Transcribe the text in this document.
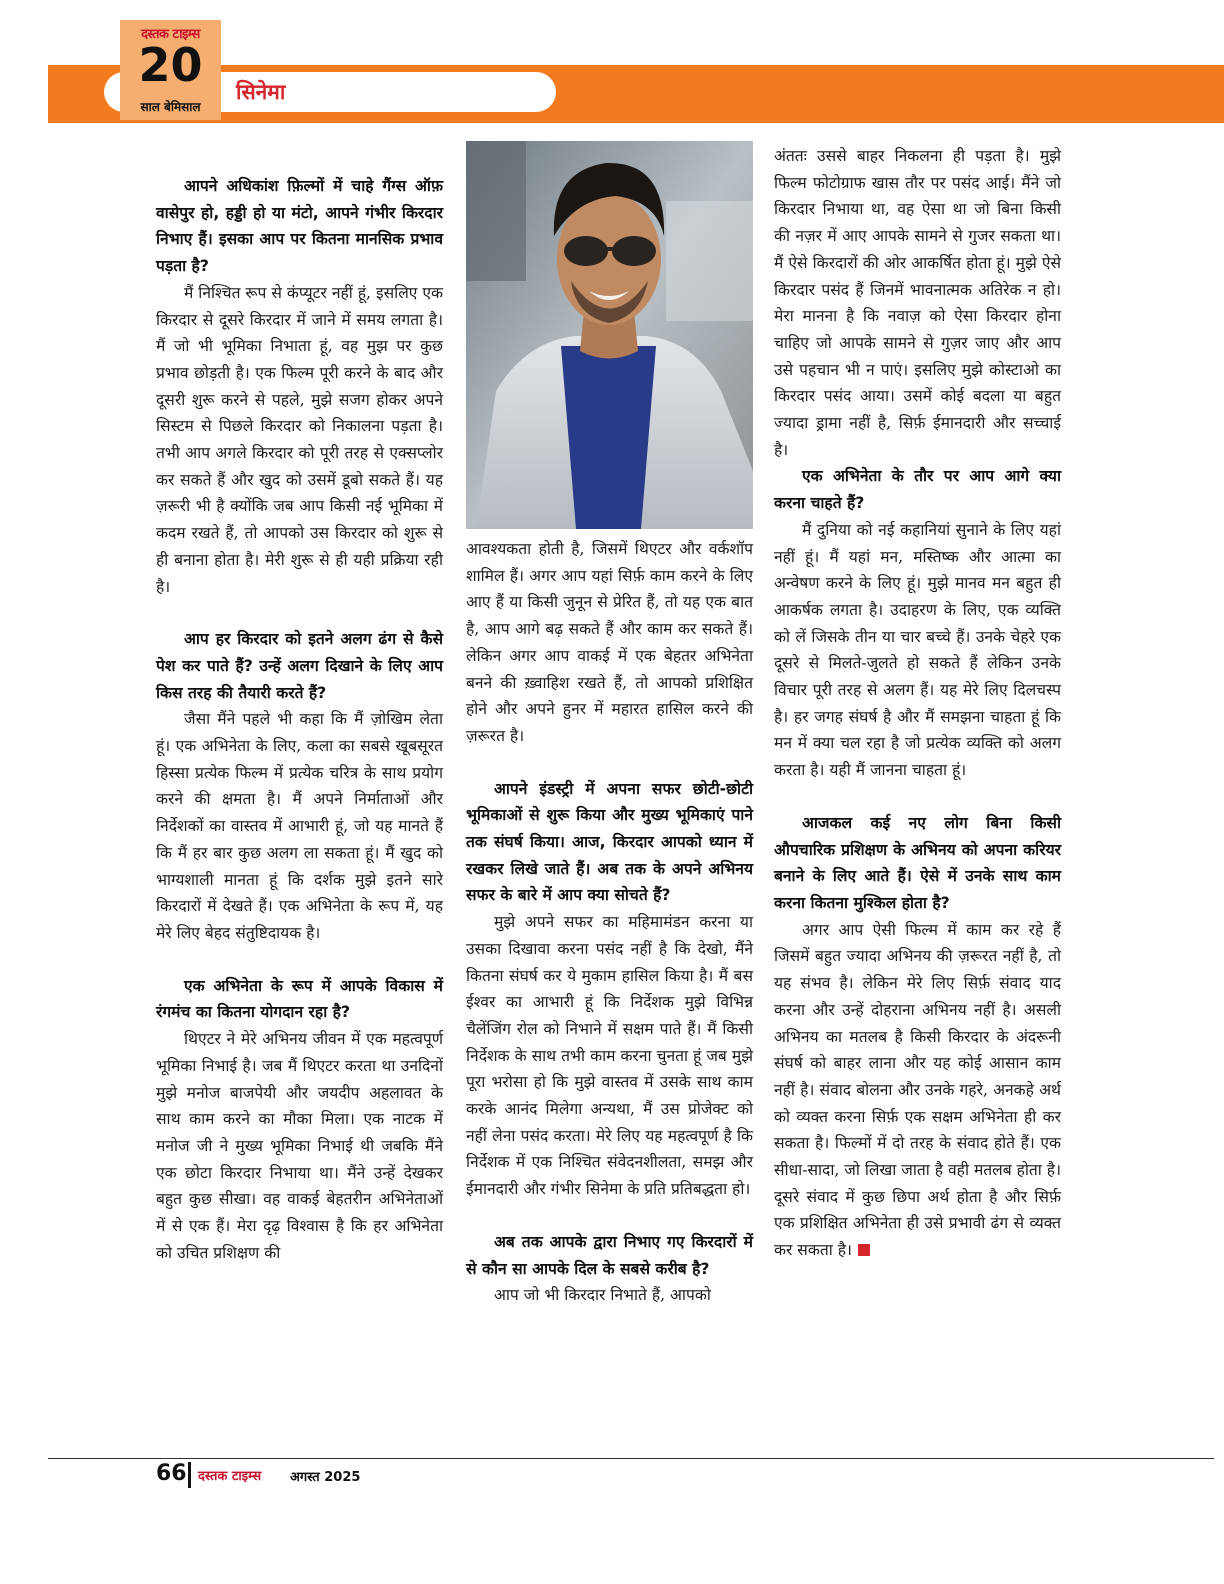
सिनेमा
दस्तक टाइम्स
20
साल बेमिसाल
आपने अधिकांश फ़िल्मों में चाहे गैंग्स ऑफ़ वासेपुर हो, हड्डी हो या मंटो, आपने गंभीर किरदार निभाए हैं। इसका आप पर कितना मानसिक प्रभाव पड़ता है?

मैं निश्चित रूप से कंप्यूटर नहीं हूं, इसलिए एक किरदार से दूसरे किरदार में जाने में समय लगता है। मैं जो भी भूमिका निभाता हूं, वह मुझ पर कुछ प्रभाव छोड़ती है। एक फिल्म पूरी करने के बाद और दूसरी शुरू करने से पहले, मुझे सजग होकर अपने सिस्टम से पिछले किरदार को निकालना पड़ता है। तभी आप अगले किरदार को पूरी तरह से एक्सप्लोर कर सकते हैं और खुद को उसमें डूबो सकते हैं। यह ज़रूरी भी है क्योंकि जब आप किसी नई भूमिका में कदम रखते हैं, तो आपको उस किरदार को शुरू से ही बनाना होता है। मेरी शुरू से ही यही प्रक्रिया रही है।

आप हर किरदार को इतने अलग ढंग से कैसे पेश कर पाते हैं? उन्हें अलग दिखाने के लिए आप किस तरह की तैयारी करते हैं?

जैसा मैंने पहले भी कहा कि मैं ज़ोखिम लेता हूं। एक अभिनेता के लिए, कला का सबसे खूबसूरत हिस्सा प्रत्येक फिल्म में प्रत्येक चरित्र के साथ प्रयोग करने की क्षमता है। मैं अपने निर्माताओं और निर्देशकों का वास्तव में आभारी हूं, जो यह मानते हैं कि मैं हर बार कुछ अलग ला सकता हूं। मैं खुद को भाग्यशाली मानता हूं कि दर्शक मुझे इतने सारे किरदारों में देखते हैं। एक अभिनेता के रूप में, यह मेरे लिए बेहद संतुष्टिदायक है।

एक अभिनेता के रूप में आपके विकास में रंगमंच का कितना योगदान रहा है?

थिएटर ने मेरे अभिनय जीवन में एक महत्वपूर्ण भूमिका निभाई है। जब मैं थिएटर करता था उनदिनों मुझे मनोज बाजपेयी और जयदीप अहलावत के साथ काम करने का मौका मिला। एक नाटक में मनोज जी ने मुख्य भूमिका निभाई थी जबकि मैंने एक छोटा किरदार निभाया था। मैंने उन्हें देखकर बहुत कुछ सीखा। वह वाकई बेहतरीन अभिनेताओं में से एक हैं। मेरा दृढ़ विश्वास है कि हर अभिनेता को उचित प्रशिक्षण की

आवश्यकता होती है, जिसमें थिएटर और वर्कशॉप शामिल हैं। अगर आप यहां सिर्फ़ काम करने के लिए आए हैं या किसी जुनून से प्रेरित हैं, तो यह एक बात है, आप आगे बढ़ सकते हैं और काम कर सकते हैं। लेकिन अगर आप वाकई में एक बेहतर अभिनेता बनने की ख़्वाहिश रखते हैं, तो आपको प्रशिक्षित होने और अपने हुनर में महारत हासिल करने की ज़रूरत है।

आपने इंडस्ट्री में अपना सफर छोटी-छोटी भूमिकाओं से शुरू किया और मुख्य भूमिकाएं पाने तक संघर्ष किया। आज, किरदार आपको ध्यान में रखकर लिखे जाते हैं। अब तक के अपने अभिनय सफर के बारे में आप क्या सोचते हैं?

मुझे अपने सफर का महिमामंडन करना या उसका दिखावा करना पसंद नहीं है कि देखो, मैंने कितना संघर्ष कर ये मुकाम हासिल किया है। मैं बस ईश्वर का आभारी हूं कि निर्देशक मुझे विभिन्न चैलेंजिंग रोल को निभाने में सक्षम पाते हैं। मैं किसी निर्देशक के साथ तभी काम करना चुनता हूं जब मुझे पूरा भरोसा हो कि मुझे वास्तव में उसके साथ काम करके आनंद मिलेगा अन्यथा, मैं उस प्रोजेक्ट को नहीं लेना पसंद करता। मेरे लिए यह महत्वपूर्ण है कि निर्देशक में एक निश्चित संवेदनशीलता, समझ और ईमानदारी और गंभीर सिनेमा के प्रति प्रतिबद्धता हो।

अब तक आपके द्वारा निभाए गए किरदारों में से कौन सा आपके दिल के सबसे करीब है?

आप जो भी किरदार निभाते हैं, आपको

अंततः उससे बाहर निकलना ही पड़ता है। मुझे फिल्म फोटोग्राफ खास तौर पर पसंद आई। मैंने जो किरदार निभाया था, वह ऐसा था जो बिना किसी की नज़र में आए आपके सामने से गुजर सकता था। मैं ऐसे किरदारों की ओर आकर्षित होता हूं। मुझे ऐसे किरदार पसंद हैं जिनमें भावनात्मक अतिरेक न हो। मेरा मानना है कि नवाज़ को ऐसा किरदार होना चाहिए जो आपके सामने से गुज़र जाए और आप उसे पहचान भी न पाएं। इसलिए मुझे कोस्टाओ का किरदार पसंद आया। उसमें कोई बदला या बहुत ज्यादा ड्रामा नहीं है, सिर्फ़ ईमानदारी और सच्चाई है।

एक अभिनेता के तौर पर आप आगे क्या करना चाहते हैं?

मैं दुनिया को नई कहानियां सुनाने के लिए यहां नहीं हूं। मैं यहां मन, मस्तिष्क और आत्मा का अन्वेषण करने के लिए हूं। मुझे मानव मन बहुत ही आकर्षक लगता है। उदाहरण के लिए, एक व्यक्ति को लें जिसके तीन या चार बच्चे हैं। उनके चेहरे एक दूसरे से मिलते-जुलते हो सकते हैं लेकिन उनके विचार पूरी तरह से अलग हैं। यह मेरे लिए दिलचस्प है। हर जगह संघर्ष है और मैं समझना चाहता हूं कि मन में क्या चल रहा है जो प्रत्येक व्यक्ति को अलग करता है। यही मैं जानना चाहता हूं।

आजकल कई नए लोग बिना किसी औपचारिक प्रशिक्षण के अभिनय को अपना करियर बनाने के लिए आते हैं। ऐसे में उनके साथ काम करना कितना मुश्किल होता है?

अगर आप ऐसी फिल्म में काम कर रहे हैं जिसमें बहुत ज्यादा अभिनय की ज़रूरत नहीं है, तो यह संभव है। लेकिन मेरे लिए सिर्फ़ संवाद याद करना और उन्हें दोहराना अभिनय नहीं है। असली अभिनय का मतलब है किसी किरदार के अंदरूनी संघर्ष को बाहर लाना और यह कोई आसान काम नहीं है। संवाद बोलना और उनके गहरे, अनकहे अर्थ को व्यक्त करना सिर्फ़ एक सक्षम अभिनेता ही कर सकता है। फिल्मों में दो तरह के संवाद होते हैं। एक सीधा-सादा, जो लिखा जाता है वही मतलब होता है। दूसरे संवाद में कुछ छिपा अर्थ होता है और सिर्फ़ एक प्रशिक्षित अभिनेता ही उसे प्रभावी ढंग से व्यक्त कर सकता है।

66 दस्तक टाइम्स अगस्त 2025
